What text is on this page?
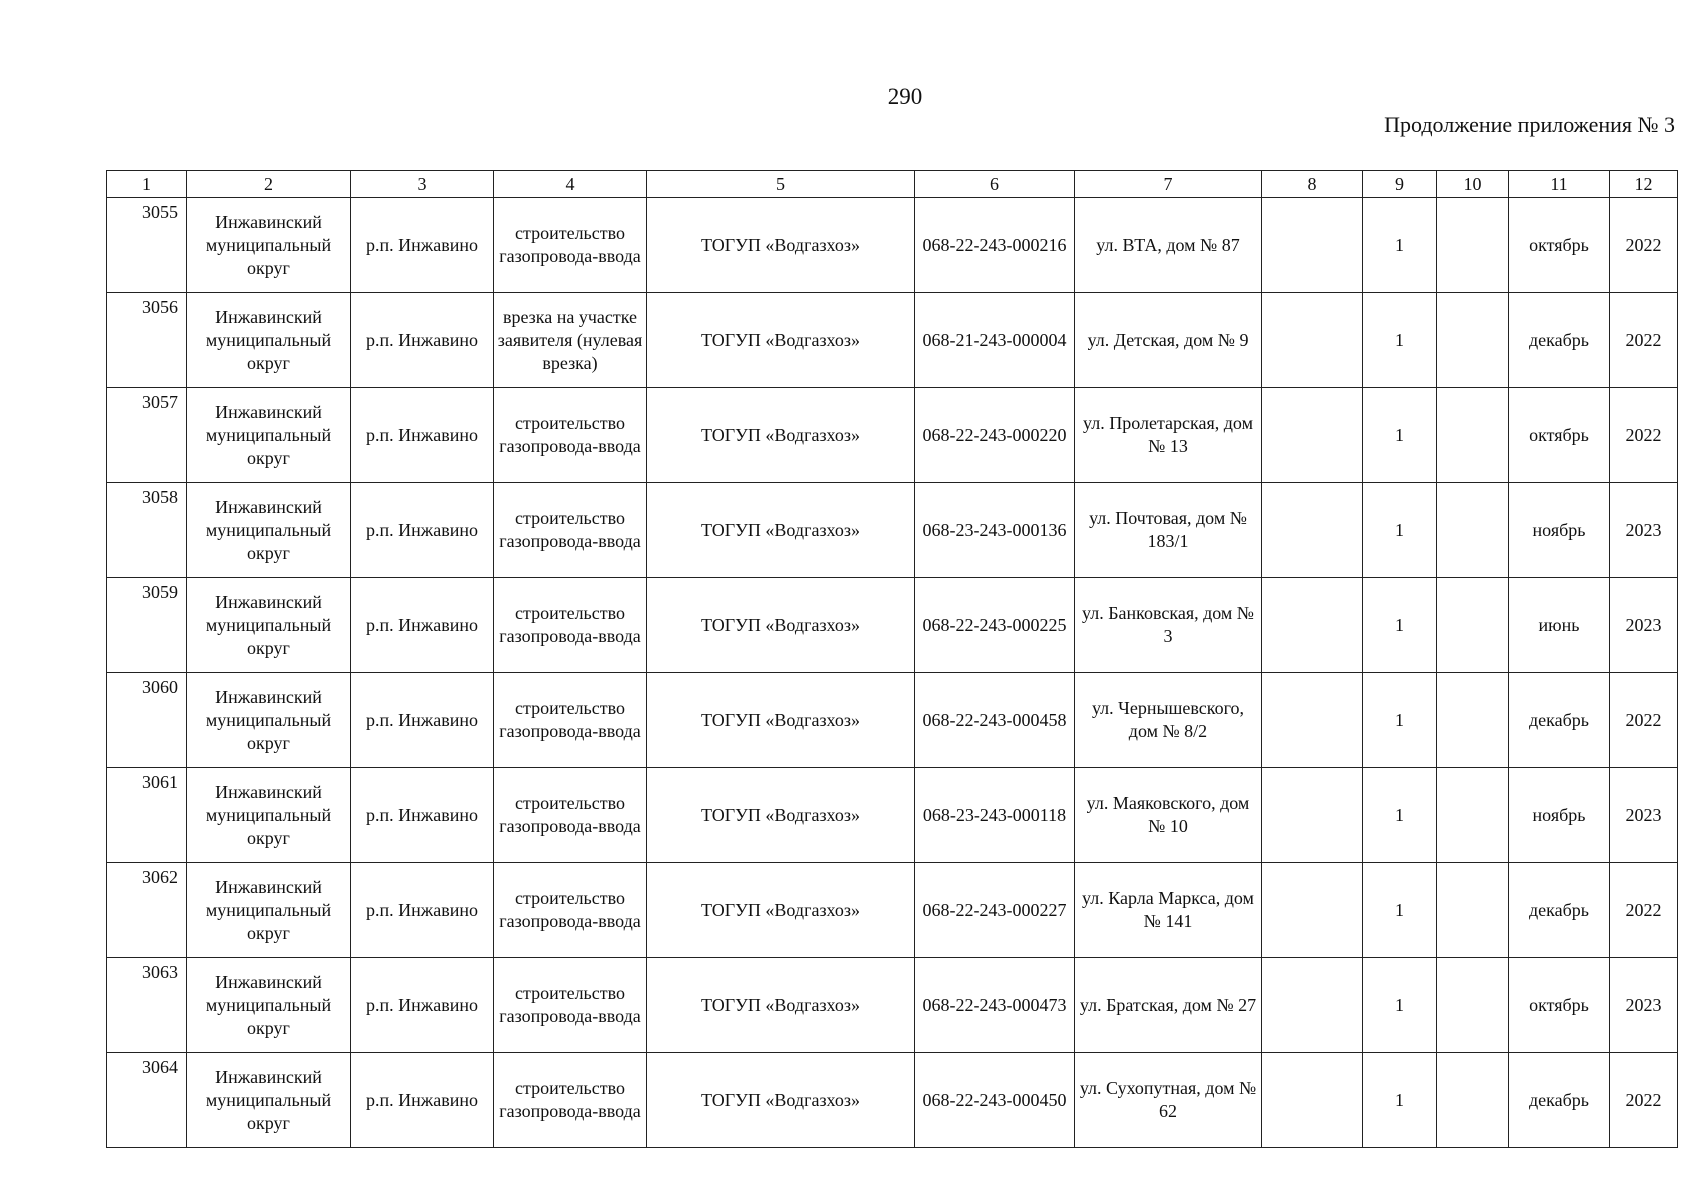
290
Продолжение приложения № 3
1	2	3	4	5	6	7	8	9	10	11	12
3055	Инжавинский муниципальный округ	р.п. Инжавино	строительство газопровода-ввода	ТОГУП «Водгазхоз»	068-22-243-000216	ул. ВТА, дом № 87		1		октябрь	2022
3056	Инжавинский муниципальный округ	р.п. Инжавино	врезка на участке заявителя (нулевая врезка)	ТОГУП «Водгазхоз»	068-21-243-000004	ул. Детская, дом № 9		1		декабрь	2022
3057	Инжавинский муниципальный округ	р.п. Инжавино	строительство газопровода-ввода	ТОГУП «Водгазхоз»	068-22-243-000220	ул. Пролетарская, дом № 13		1		октябрь	2022
3058	Инжавинский муниципальный округ	р.п. Инжавино	строительство газопровода-ввода	ТОГУП «Водгазхоз»	068-23-243-000136	ул. Почтовая, дом № 183/1		1		ноябрь	2023
3059	Инжавинский муниципальный округ	р.п. Инжавино	строительство газопровода-ввода	ТОГУП «Водгазхоз»	068-22-243-000225	ул. Банковская, дом № 3		1		июнь	2023
3060	Инжавинский муниципальный округ	р.п. Инжавино	строительство газопровода-ввода	ТОГУП «Водгазхоз»	068-22-243-000458	ул. Чернышевского, дом № 8/2		1		декабрь	2022
3061	Инжавинский муниципальный округ	р.п. Инжавино	строительство газопровода-ввода	ТОГУП «Водгазхоз»	068-23-243-000118	ул. Маяковского, дом № 10		1		ноябрь	2023
3062	Инжавинский муниципальный округ	р.п. Инжавино	строительство газопровода-ввода	ТОГУП «Водгазхоз»	068-22-243-000227	ул. Карла Маркса, дом № 141		1		декабрь	2022
3063	Инжавинский муниципальный округ	р.п. Инжавино	строительство газопровода-ввода	ТОГУП «Водгазхоз»	068-22-243-000473	ул. Братская, дом № 27		1		октябрь	2023
3064	Инжавинский муниципальный округ	р.п. Инжавино	строительство газопровода-ввода	ТОГУП «Водгазхоз»	068-22-243-000450	ул. Сухопутная, дом № 62		1		декабрь	2022
